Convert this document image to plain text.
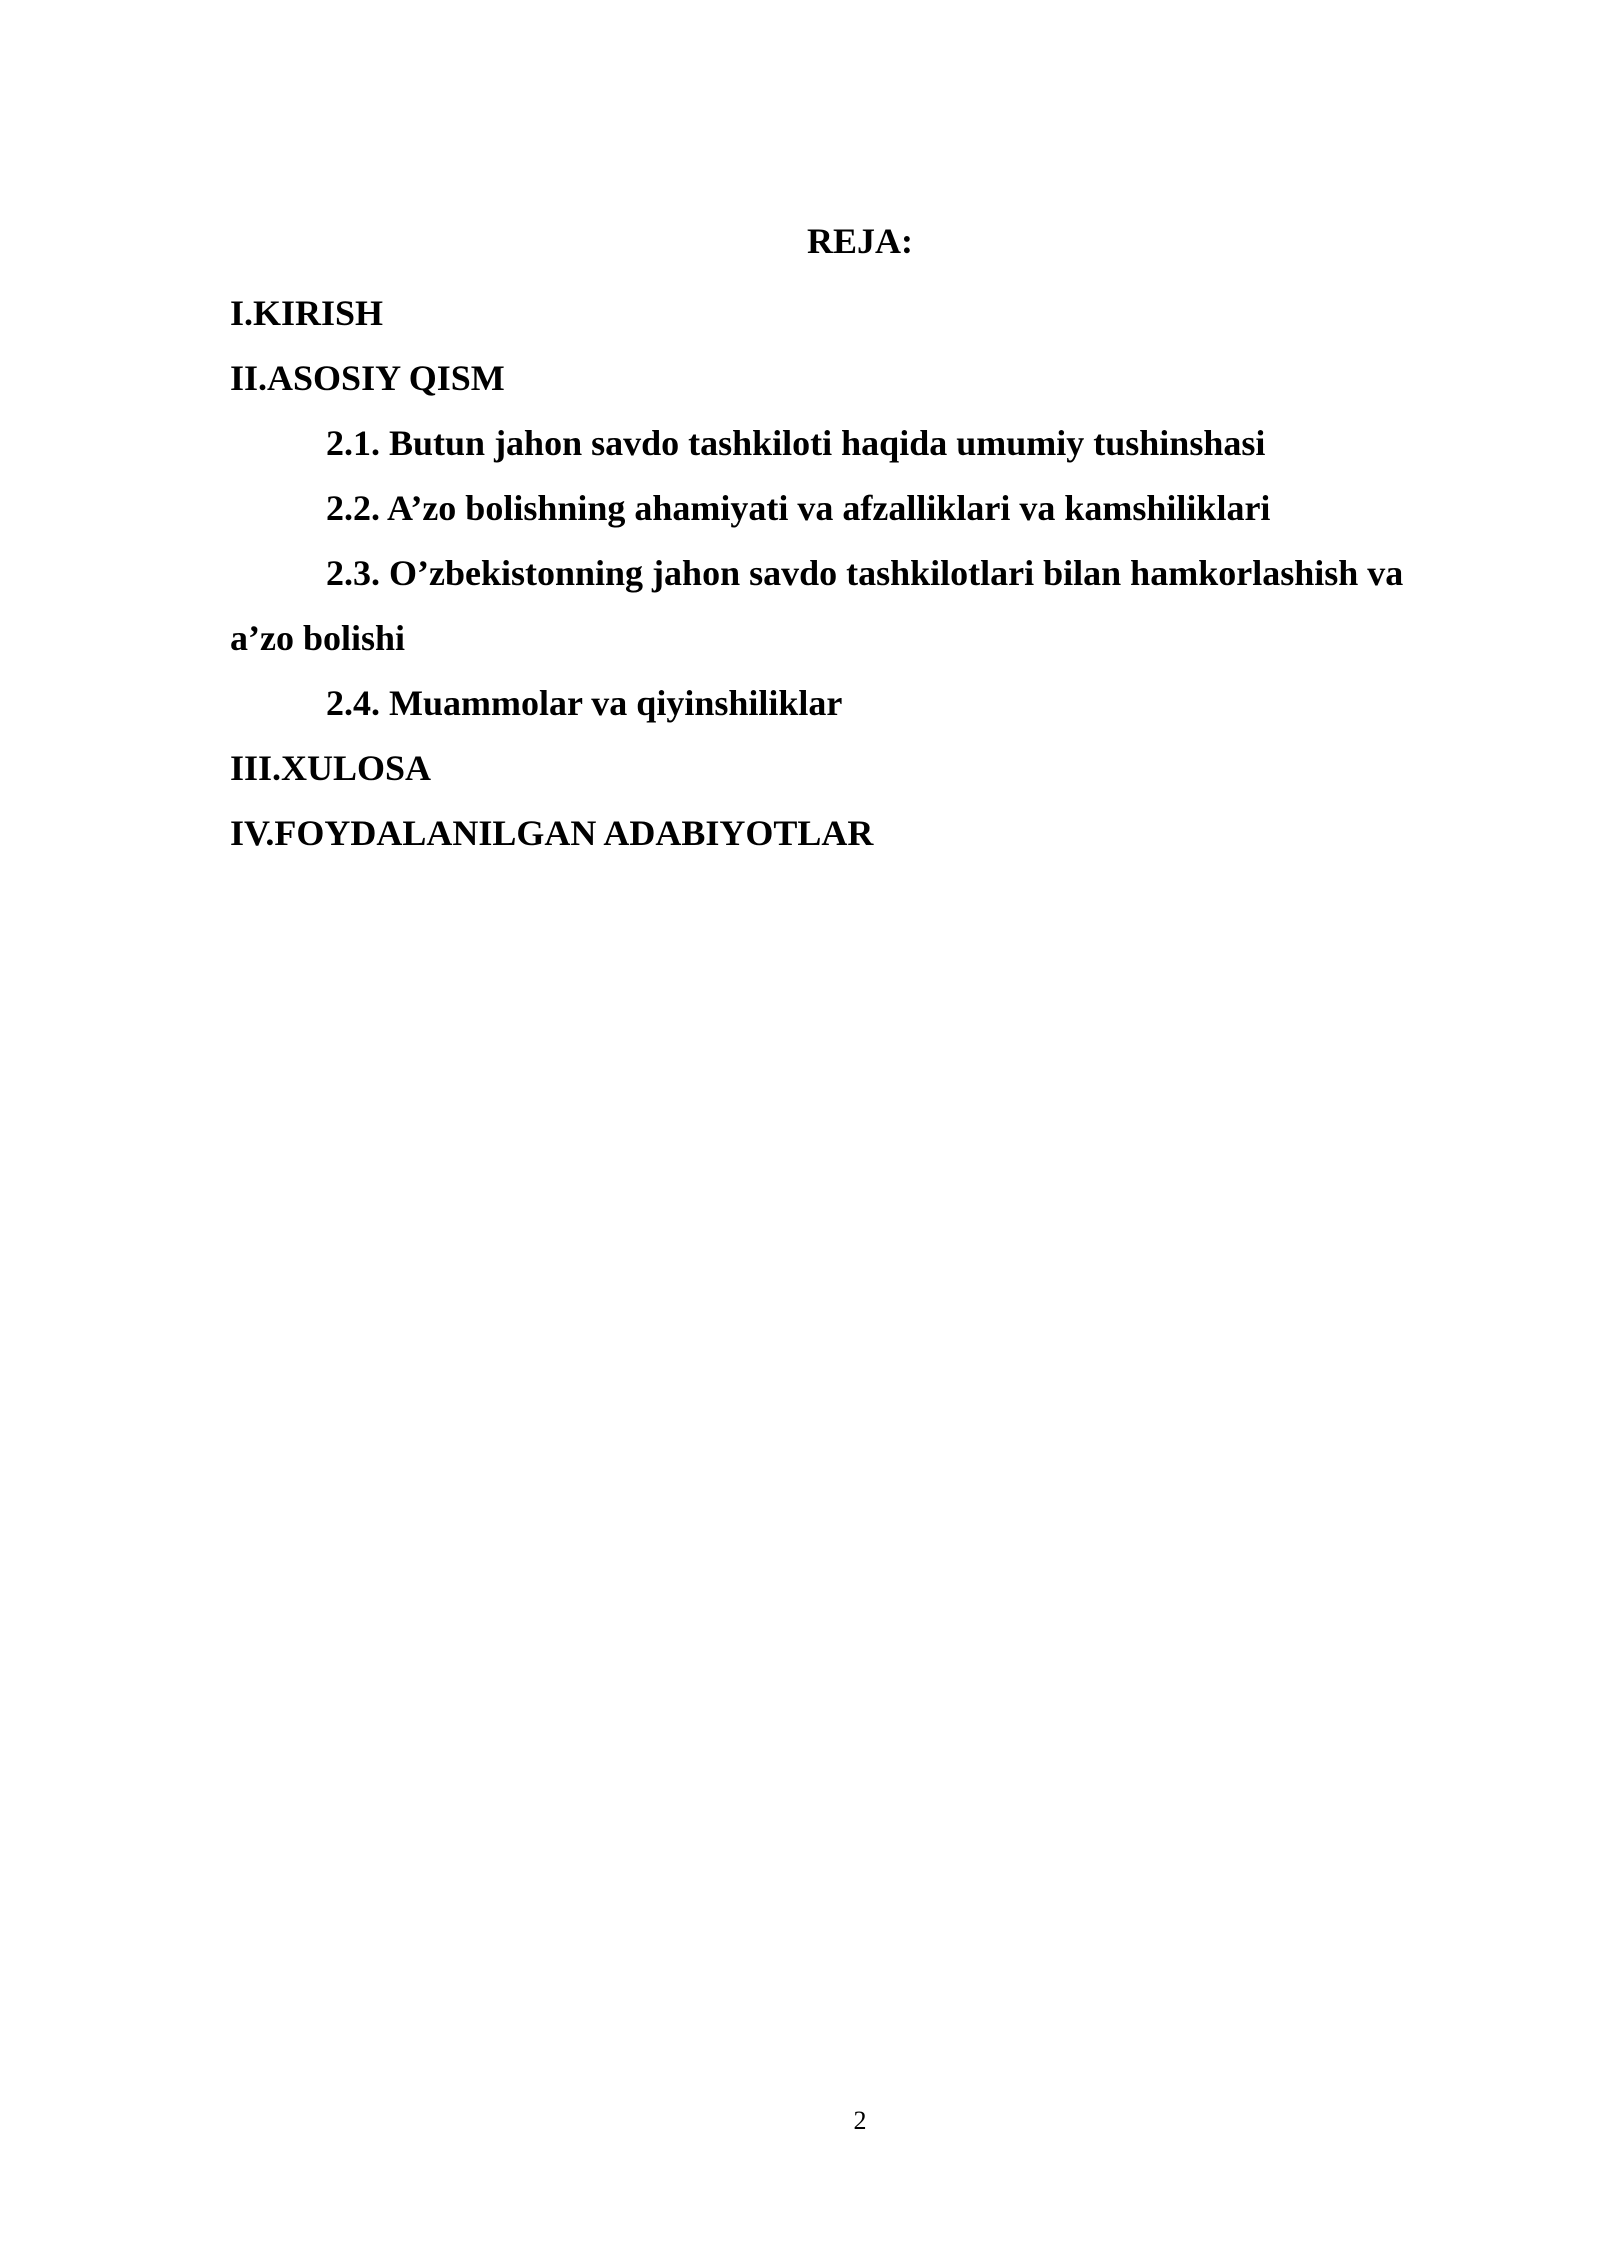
REJA:

I.KIRISH

II.ASOSIY QISM

2.1. Butun jahon savdo tashkiloti haqida umumiy tushinshasi

2.2. A’zo bolishning ahamiyati va afzalliklari va kamshiliklari

2.3. O’zbekistonning jahon savdo tashkilotlari bilan hamkorlashish va a’zo bolishi

2.4. Muammolar va qiyinshiliklar

III.XULOSA

IV.FOYDALANILGAN ADABIYOTLAR

2
